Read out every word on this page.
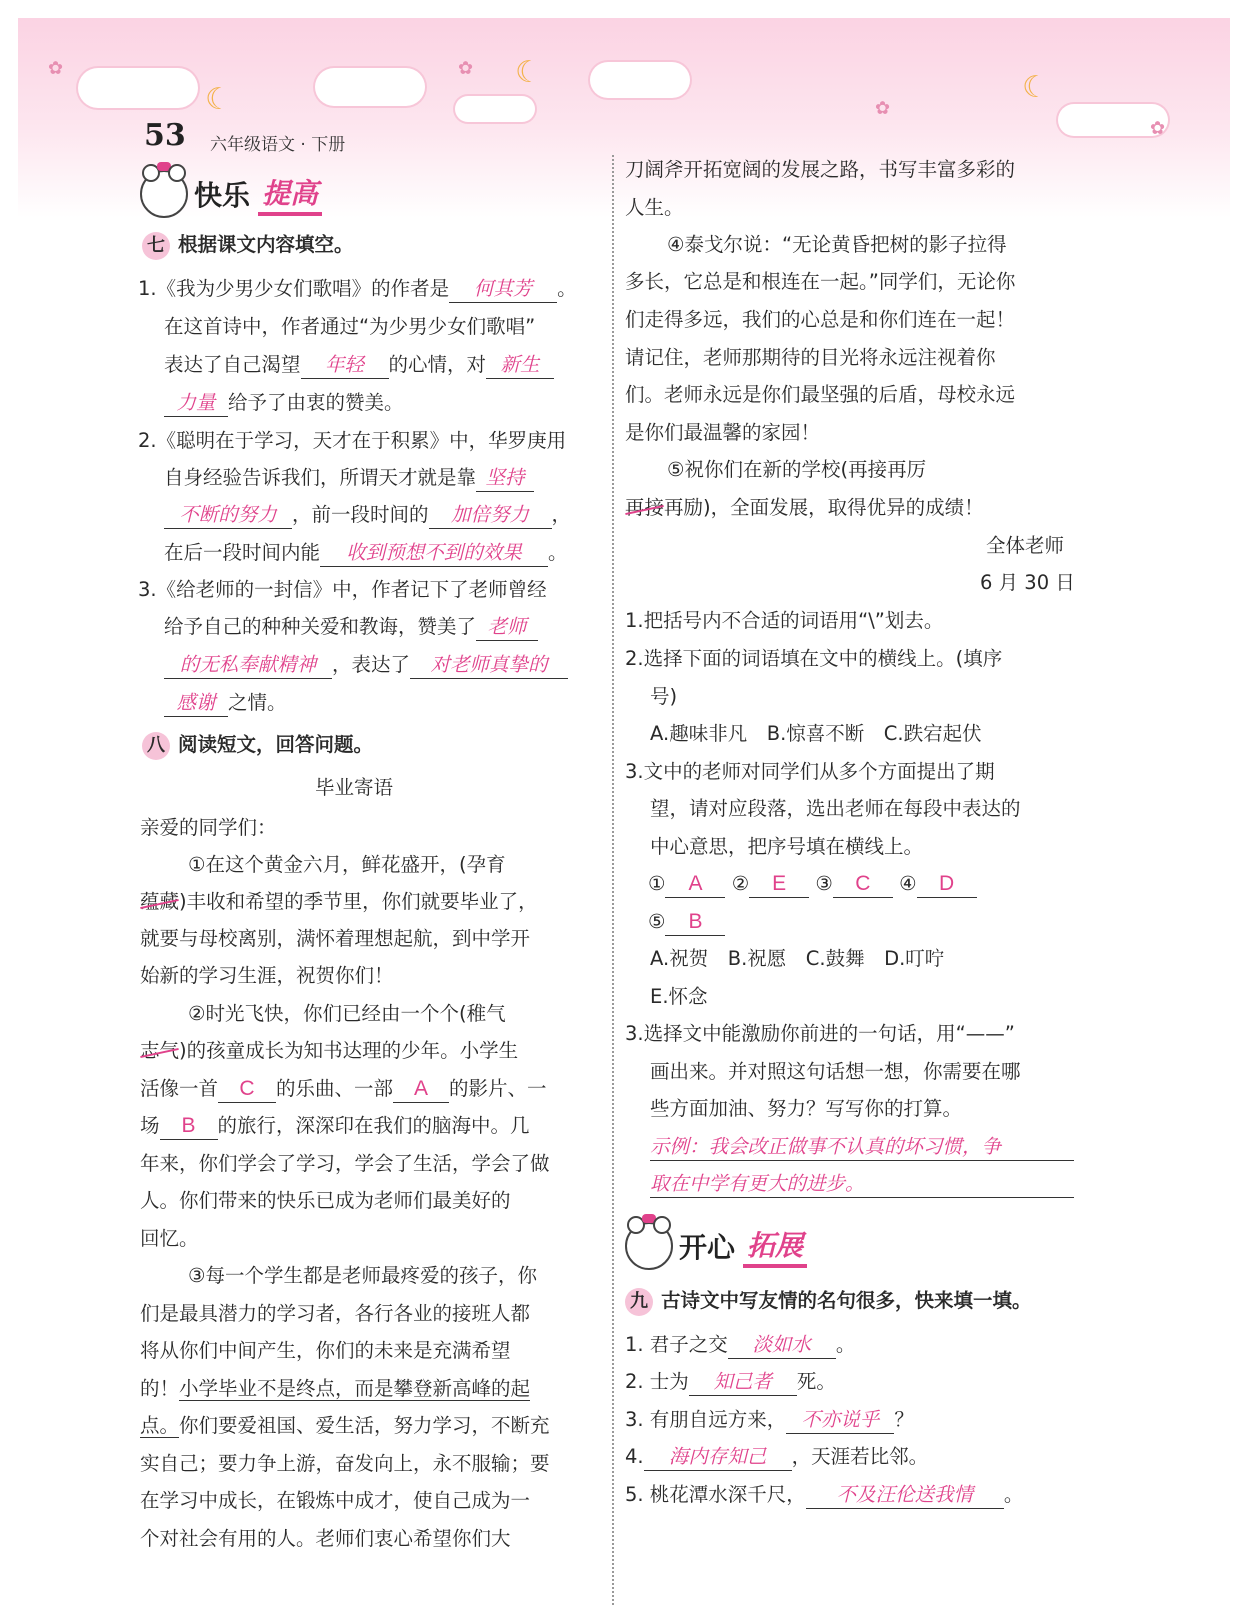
☾
☾	☾
✿	✿
✿
✿
53 六年级语文 · 下册
快乐 提高
七 根据课文内容填空。
1.《我为少男少女们歌唱》的作者是 何其芳 。
在这首诗中，作者通过“为少男少女们歌唱”
表达了自己渴望 年轻 的心情，对 新生
力量 给予了由衷的赞美。
2.《聪明在于学习，天才在于积累》中，华罗庚用
自身经验告诉我们，所谓天才就是靠 坚持
不断的努力 ，前一段时间的 加倍努力 ，
在后一段时间内能 收到预想不到的效果 。
3.《给老师的一封信》中，作者记下了老师曾经
给予自己的种种关爱和教诲，赞美了 老师
的无私奉献精神 ，表达了 对老师真挚的
感谢 之情。
八 阅读短文，回答问题。
毕业寄语
亲爱的同学们：
①在这个黄金六月，鲜花盛开，(孕育
蕴藏)丰收和希望的季节里，你们就要毕业了，
就要与母校离别，满怀着理想起航，到中学开
始新的学习生涯，祝贺你们！
②时光飞快，你们已经由一个个(稚气
志气)的孩童成长为知书达理的少年。小学生
活像一首 C 的乐曲、一部 A 的影片、一
场 B 的旅行，深深印在我们的脑海中。几
年来，你们学会了学习，学会了生活，学会了做
人。你们带来的快乐已成为老师们最美好的
回忆。
③每一个学生都是老师最疼爱的孩子，你
们是最具潜力的学习者，各行各业的接班人都
将从你们中间产生，你们的未来是充满希望
的！小学毕业不是终点，而是攀登新高峰的起
点。你们要爱祖国、爱生活，努力学习，不断充
实自己；要力争上游，奋发向上，永不服输；要
在学习中成长，在锻炼中成才，使自己成为一
个对社会有用的人。老师们衷心希望你们大
刀阔斧开拓宽阔的发展之路，书写丰富多彩的
人生。
④泰戈尔说：“无论黄昏把树的影子拉得
多长，它总是和根连在一起。”同学们，无论你
们走得多远，我们的心总是和你们连在一起！
请记住，老师那期待的目光将永远注视着你
们。老师永远是你们最坚强的后盾，母校永远
是你们最温馨的家园！
⑤祝你们在新的学校(再接再厉
再接再励)，全面发展，取得优异的成绩！
全体老师
6 月 30 日
1.把括号内不合适的词语用“\”划去。
2.选择下面的词语填在文中的横线上。(填序
号)
A.趣味非凡　B.惊喜不断　C.跌宕起伏
3.文中的老师对同学们从多个方面提出了期
望，请对应段落，选出老师在每段中表达的
中心意思，把序号填在横线上。
① A ② E ③ C ④ D
⑤ B
A.祝贺　B.祝愿　C.鼓舞　D.叮咛
E.怀念
3.选择文中能激励你前进的一句话，用“——”
画出来。并对照这句话想一想，你需要在哪
些方面加油、努力？写写你的打算。
示例：我会改正做事不认真的坏习惯，争
取在中学有更大的进步。
开心 拓展
九 古诗文中写友情的名句很多，快来填一填。
1. 君子之交 淡如水 。
2. 士为 知己者 死。
3. 有朋自远方来， 不亦说乎 ？
4. 海内存知己 ，天涯若比邻。
5. 桃花潭水深千尺， 不及汪伦送我情 。
